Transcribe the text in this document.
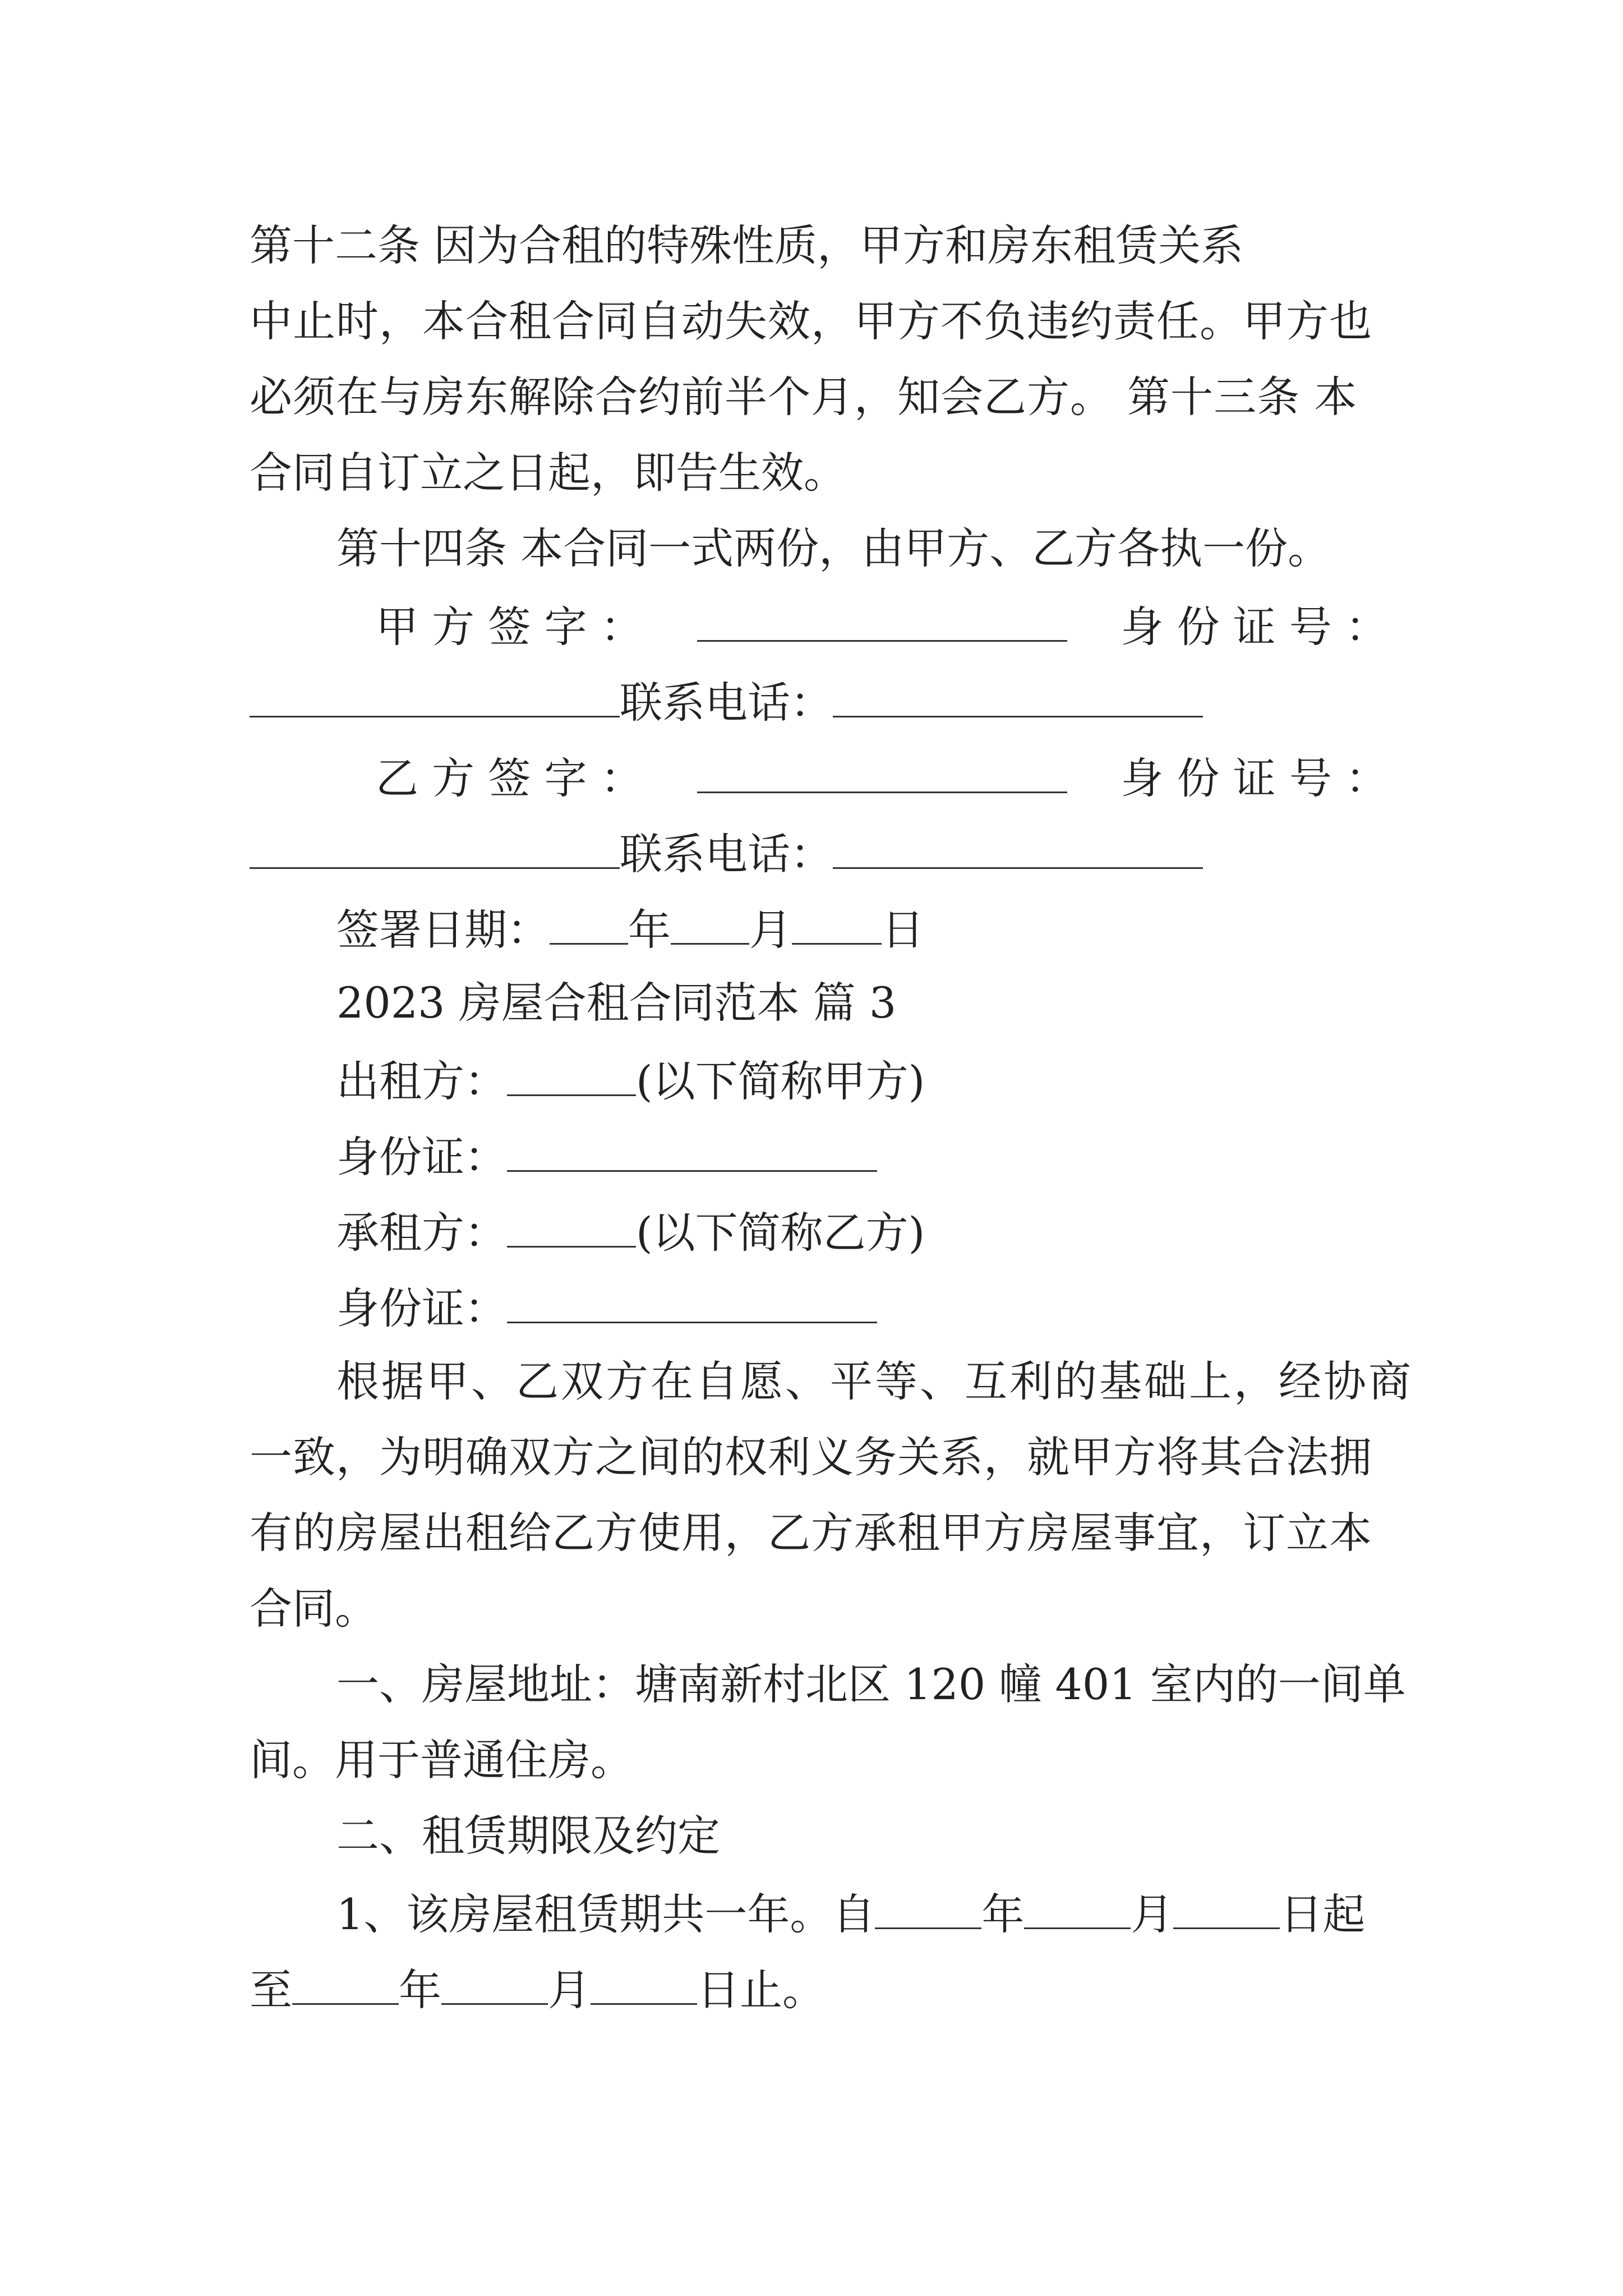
第十二条 因为合租的特殊性质，甲方和房东租赁关系
中止时，本合租合同自动失效，甲方不负违约责任。甲方也
必须在与房东解除合约前半个月，知会乙方。 第十三条 本
合同自订立之日起，即告生效。
第十四条 本合同一式两份，由甲方、乙方各执一份。
甲 方 签 字 ：	身 份 证 号 ：
联系电话：
乙 方 签 字 ：	身 份 证 号 ：
联系电话：
签署日期： 年 月 日
2023 房屋合租合同范本 篇 3
出租方：	(以下简称甲方)
身份证：
承租方：	(以下简称乙方)
身份证：
根据甲、乙双方在自愿、平等、互利的基础上，经协商
一致，为明确双方之间的权利义务关系，就甲方将其合法拥
有的房屋出租给乙方使用，乙方承租甲方房屋事宜，订立本
合同。
一、房屋地址：塘南新村北区 120 幢 401 室内的一间单
间。用于普通住房。
二、租赁期限及约定
1、该房屋租赁期共一年。自	年	月	日起
至	年	月	日止。
